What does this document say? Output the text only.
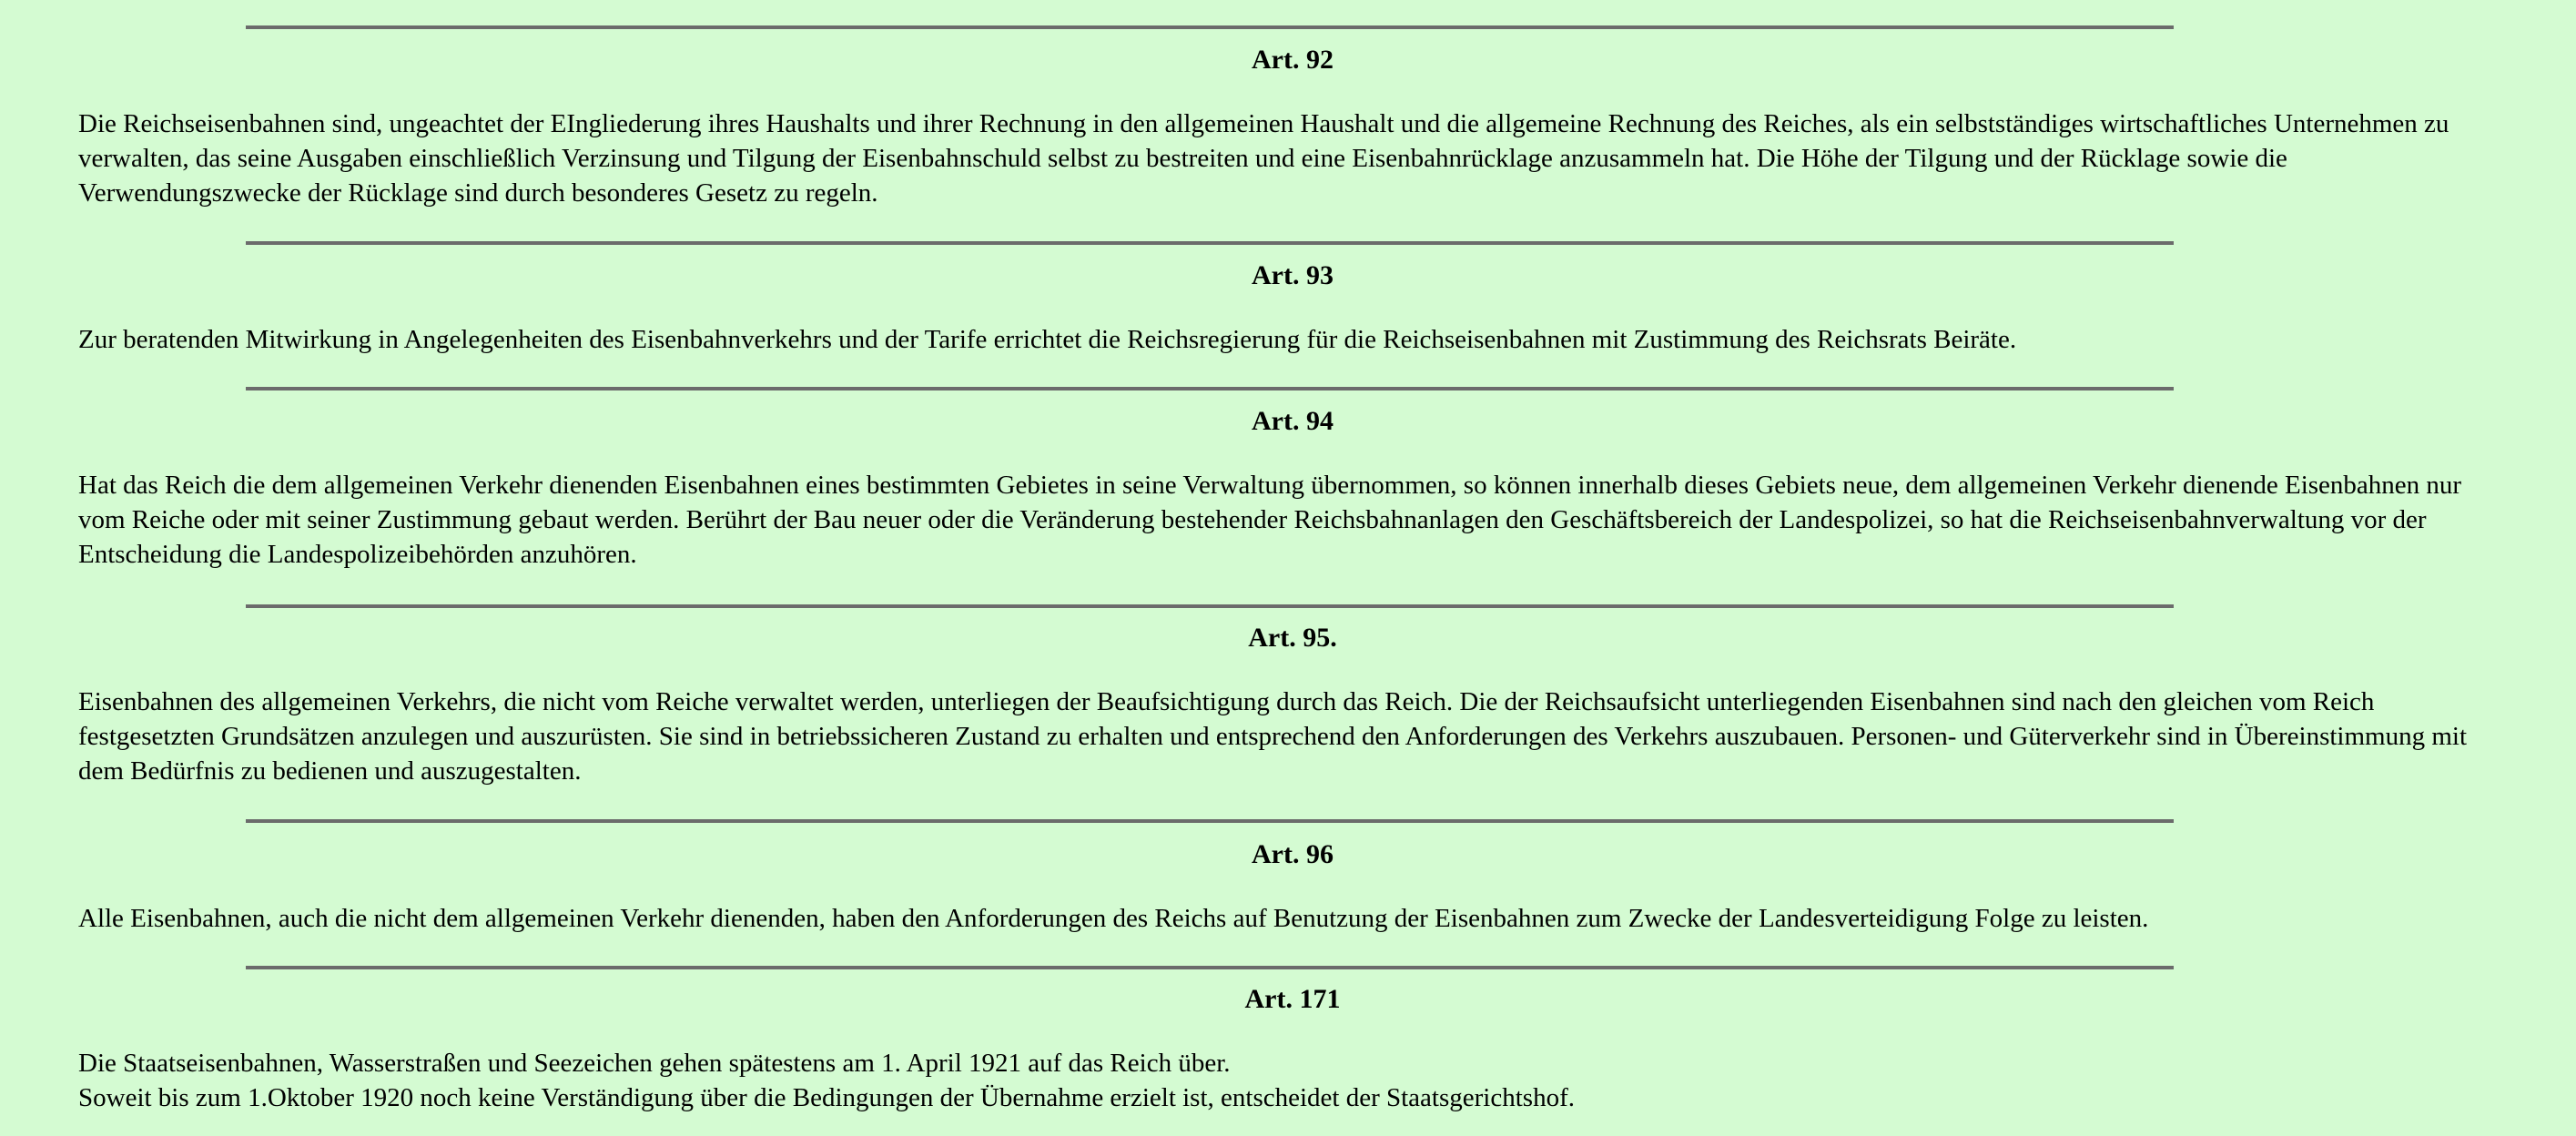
Art. 92

Die Reichseisenbahnen sind, ungeachtet der EIngliederung ihres Haushalts und ihrer Rechnung in den allgemeinen Haushalt und die allgemeine Rechnung des Reiches, als ein selbstständiges wirtschaftliches Unternehmen zu verwalten, das seine Ausgaben einschließlich Verzinsung und Tilgung der Eisenbahnschuld selbst zu bestreiten und eine Eisenbahnrücklage anzusammeln hat. Die Höhe der Tilgung und der Rücklage sowie die Verwendungszwecke der Rücklage sind durch besonderes Gesetz zu regeln.

Art. 93

Zur beratenden Mitwirkung in Angelegenheiten des Eisenbahnverkehrs und der Tarife errichtet die Reichsregierung für die Reichseisenbahnen mit Zustimmung des Reichsrats Beiräte.

Art. 94

Hat das Reich die dem allgemeinen Verkehr dienenden Eisenbahnen eines bestimmten Gebietes in seine Verwaltung übernommen, so können innerhalb dieses Gebiets neue, dem allgemeinen Verkehr dienende Eisenbahnen nur vom Reiche oder mit seiner Zustimmung gebaut werden. Berührt der Bau neuer oder die Veränderung bestehender Reichsbahnanlagen den Geschäftsbereich der Landespolizei, so hat die Reichseisenbahnverwaltung vor der Entscheidung die Landespolizeibehörden anzuhören.

Art. 95.

Eisenbahnen des allgemeinen Verkehrs, die nicht vom Reiche verwaltet werden, unterliegen der Beaufsichtigung durch das Reich. Die der Reichsaufsicht unterliegenden Eisenbahnen sind nach den gleichen vom Reich festgesetzten Grundsätzen anzulegen und auszurüsten. Sie sind in betriebssicheren Zustand zu erhalten und entsprechend den Anforderungen des Verkehrs auszubauen. Personen- und Güterverkehr sind in Übereinstimmung mit dem Bedürfnis zu bedienen und auszugestalten.

Art. 96

Alle Eisenbahnen, auch die nicht dem allgemeinen Verkehr dienenden, haben den Anforderungen des Reichs auf Benutzung der Eisenbahnen zum Zwecke der Landesverteidigung Folge zu leisten.

Art. 171

Die Staatseisenbahnen, Wasserstraßen und Seezeichen gehen spätestens am 1. April 1921 auf das Reich über.
Soweit bis zum 1.Oktober 1920 noch keine Verständigung über die Bedingungen der Übernahme erzielt ist, entscheidet der Staatsgerichtshof.
